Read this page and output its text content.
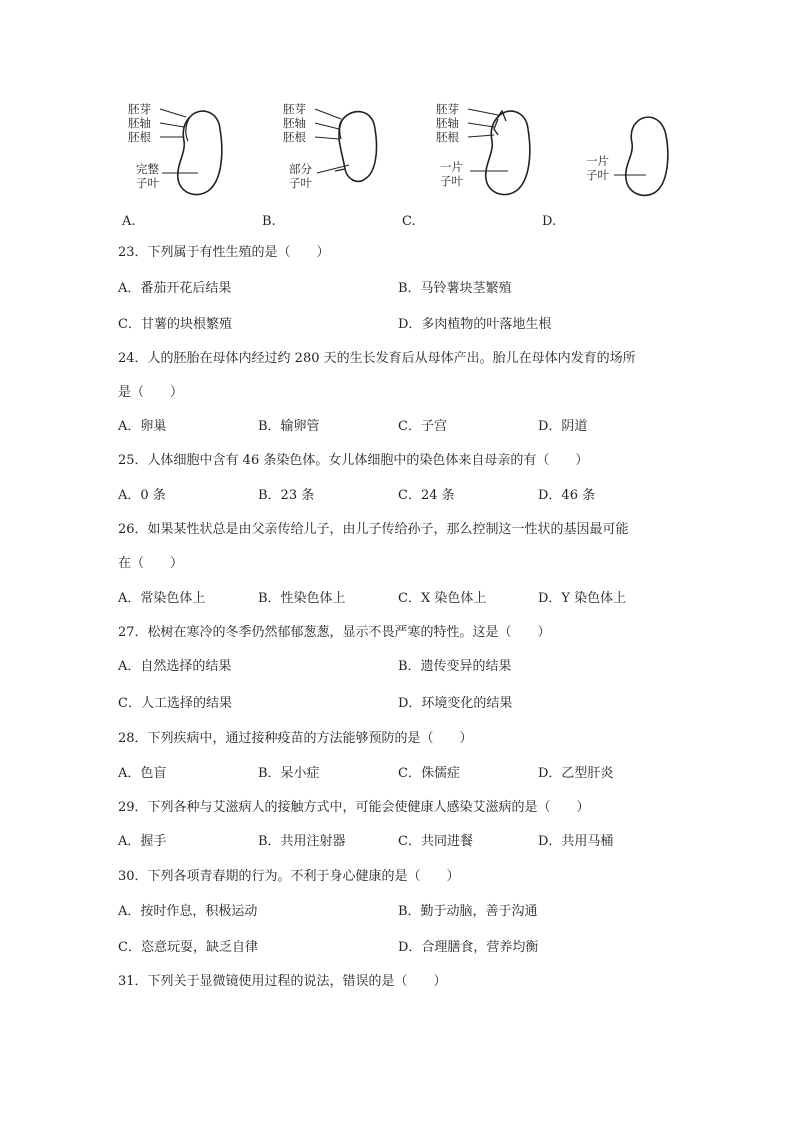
胚芽
胚轴
胚根
完整
子叶
胚芽
胚轴
胚根
部分
子叶
胚芽
胚轴
胚根
一片
子叶
一片
子叶
A.	B.	C.	D.
23．下列属于有性生殖的是（　　）
A．番茄开花后结果	B．马铃薯块茎繁殖
C．甘薯的块根繁殖	D．多肉植物的叶落地生根
24．人的胚胎在母体内经过约 280 天的生长发育后从母体产出。胎儿在母体内发育的场所
是（　　）
A．卵巢	B．输卵管	C．子宫	D．阴道
25．人体细胞中含有 46 条染色体。女儿体细胞中的染色体来自母亲的有（　　）
A．0 条	B．23 条	C．24 条	D．46 条
26．如果某性状总是由父亲传给儿子，由儿子传给孙子，那么控制这一性状的基因最可能
在（　　）
A．常染色体上	B．性染色体上	C．X 染色体上	D．Y 染色体上
27．松树在寒冷的冬季仍然郁郁葱葱，显示不畏严寒的特性。这是（　　）
A．自然选择的结果	B．遗传变异的结果
C．人工选择的结果	D．环境变化的结果
28．下列疾病中，通过接种疫苗的方法能够预防的是（　　）
A．色盲	B．呆小症	C．侏儒症	D．乙型肝炎
29．下列各种与艾滋病人的接触方式中，可能会使健康人感染艾滋病的是（　　）
A．握手	B．共用注射器	C．共同进餐	D．共用马桶
30．下列各项青春期的行为。不利于身心健康的是（　　）
A．按时作息，积极运动	B．勤于动脑，善于沟通
C．恣意玩耍，缺乏自律	D．合理膳食，营养均衡
31．下列关于显微镜使用过程的说法，错误的是（　　）
